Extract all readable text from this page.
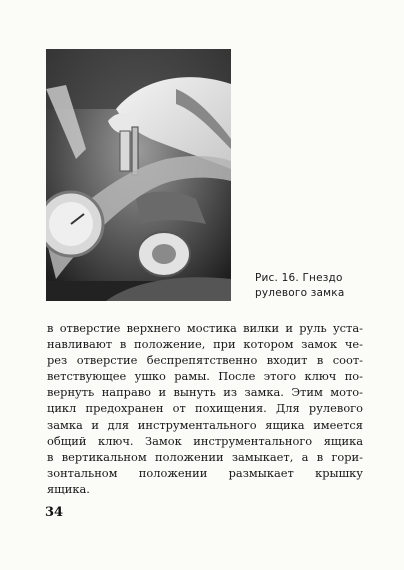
Рис. 16. Гнездо
рулевого замка
в отверстие верхнего мостика вилки и руль уста-
навливают в положение, при котором замок че-
рез отверстие беспрепятственно входит в соот-
ветствующее ушко рамы. После этого ключ по-
вернуть направо и вынуть из замка. Этим мото-
цикл предохранен от похищения. Для рулевого
замка и для инструментального ящика имеется
общий ключ. Замок инструментального ящика
в вертикальном положении замыкает, а в гори-
зонтальном положении размыкает крышку
ящика.
34
